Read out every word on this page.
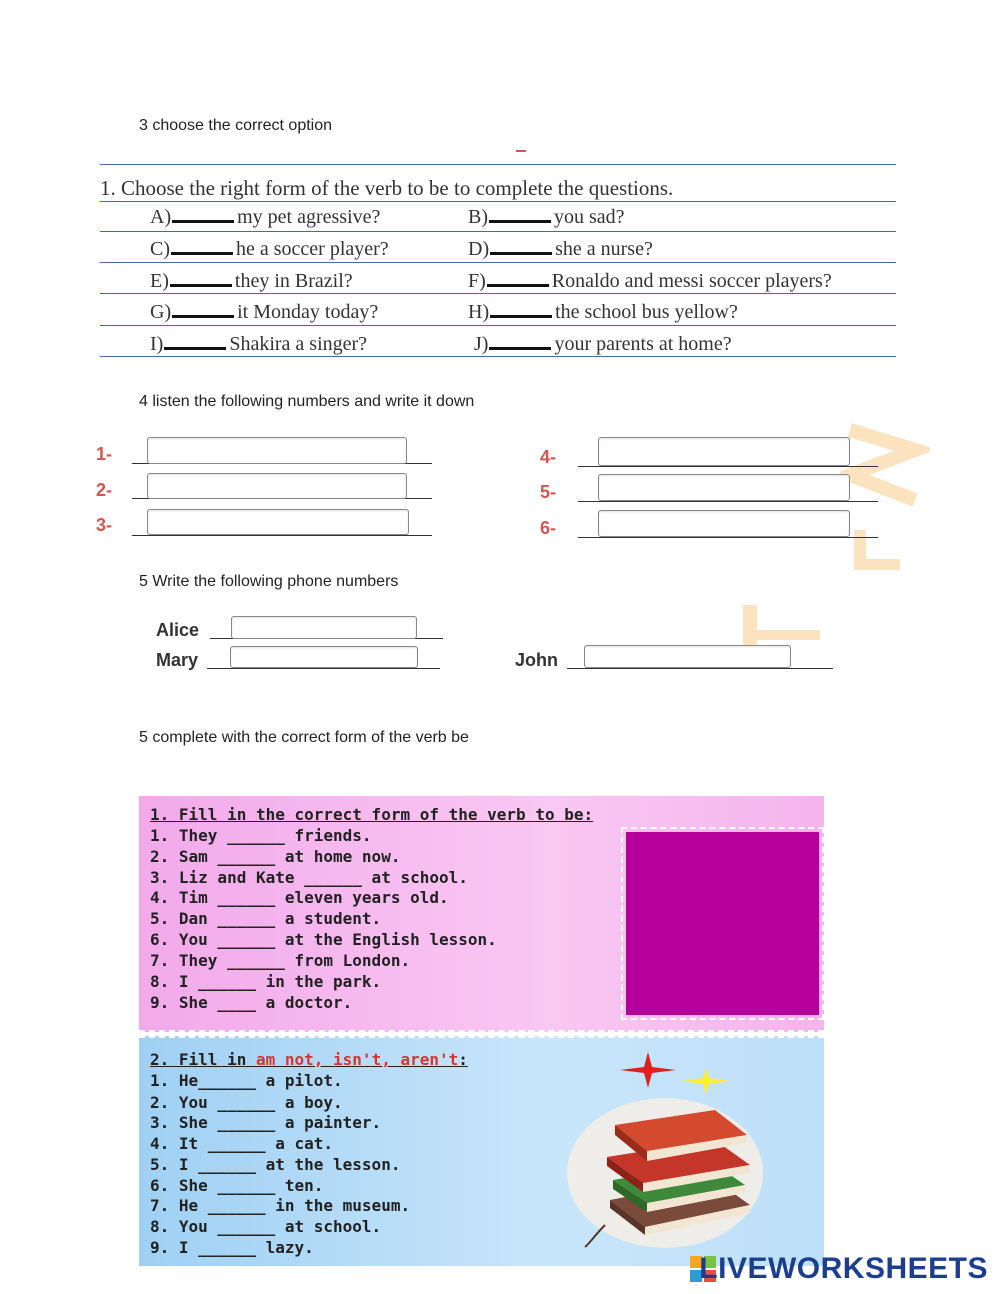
3 choose the correct option
1. Choose the right form of the verb to be to complete the questions.
A)	my pet agressive?	B)	you sad?
C)	he a soccer player?	D)	she a nurse?
E)	they in Brazil?	F)	Ronaldo and messi soccer players?
G)	it Monday today?	H)	the school bus yellow?
I)	Shakira a singer?	J)	your parents at home?
4 listen the following numbers and write it down
1-
2-
3-
4-
5-
6-
5 Write the following phone numbers
Alice
Mary	John
5 complete with the correct form of the verb be
1. Fill in the correct form of the verb to be:
1. They ______ friends.
2. Sam ______ at home now.
3. Liz and Kate ______ at school.
4. Tim ______ eleven years old.
5. Dan ______ a student.
6. You ______ at the English lesson.
7. They ______ from London.
8. I ______ in the park.
9. She ____ a doctor.
2. Fill in am not, isn't, aren't:
1. He______ a pilot.
2. You ______ a boy.
3. She ______ a painter.
4. It ______ a cat.
5. I ______ at the lesson.
6. She ______ ten.
7. He ______ in the museum.
8. You ______ at school.
9. I ______ lazy.
LIVEWORKSHEETS
